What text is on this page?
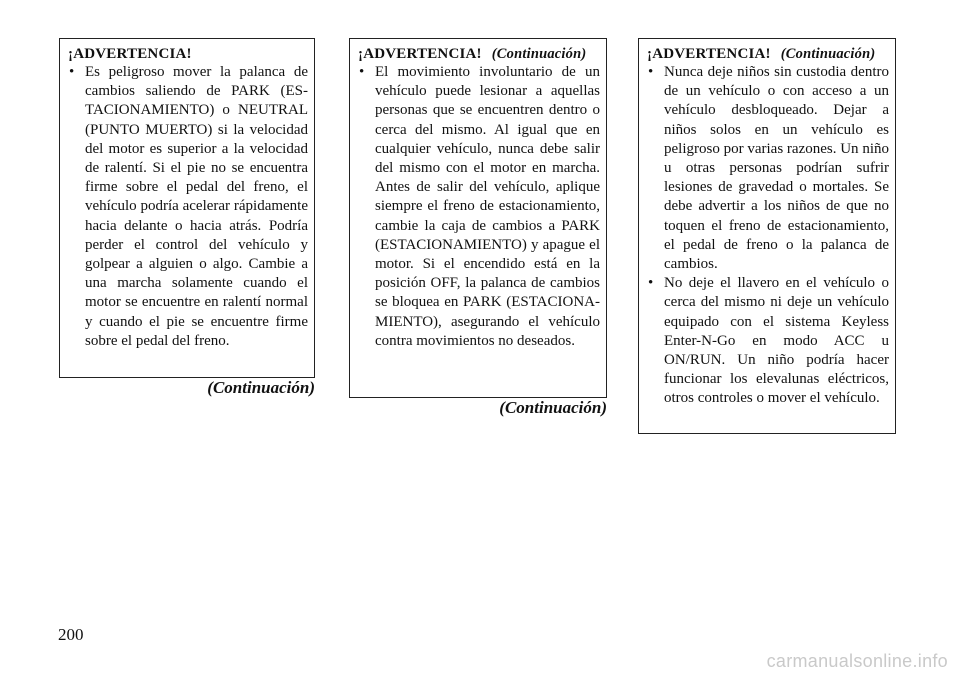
¡ADVERTENCIA!
• Es peligroso mover la palanca de cambios saliendo de PARK (ESTACIONAMIENTO) o NEUTRAL (PUNTO MUERTO) si la velocidad del motor es superior a la velocidad de ralentí. Si el pie no se encuentra firme sobre el pedal del freno, el vehículo podría acelerar rápidamente hacia delante o hacia atrás. Podría perder el control del vehículo y golpear a alguien o algo. Cambie a una marcha solamente cuando el motor se encuentre en ralentí normal y cuando el pie se encuentre firme sobre el pedal del freno.
(Continuación)
¡ADVERTENCIA! (Continuación)
• El movimiento involuntario de un vehículo puede lesionar a aquellas personas que se encuentren dentro o cerca del mismo. Al igual que en cualquier vehículo, nunca debe salir del mismo con el motor en marcha. Antes de salir del vehículo, aplique siempre el freno de estacionamiento, cambie la caja de cambios a PARK (ESTACIONAMIENTO) y apague el motor. Si el encendido está en la posición OFF, la palanca de cambios se bloquea en PARK (ESTACIONAMIENTO), asegurando el vehículo contra movimientos no deseados.
(Continuación)
¡ADVERTENCIA! (Continuación)
• Nunca deje niños sin custodia dentro de un vehículo o con acceso a un vehículo desbloqueado. Dejar a niños solos en un vehículo es peligroso por varias razones. Un niño u otras personas podrían sufrir lesiones de gravedad o mortales. Se debe advertir a los niños de que no toquen el freno de estacionamiento, el pedal de freno o la palanca de cambios.
• No deje el llavero en el vehículo o cerca del mismo ni deje un vehículo equipado con el sistema Keyless Enter-N-Go en modo ACC u ON/RUN. Un niño podría hacer funcionar los elevalunas eléctricos, otros controles o mover el vehículo.
200
carmanualsonline.info
